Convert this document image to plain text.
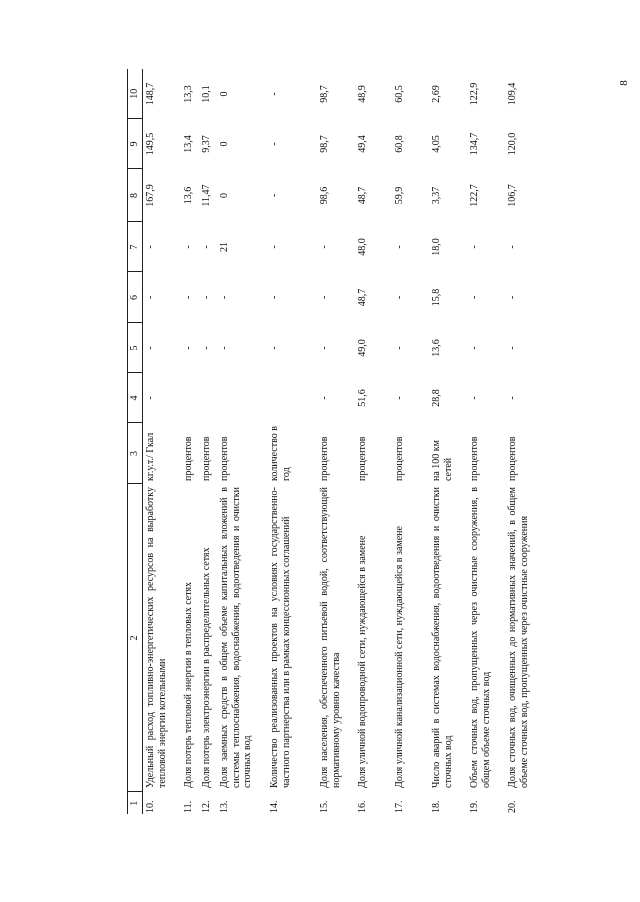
8
1	2	3	4	5	6	7	8	9	10
10.	Удельный расход топливно-энергетических ресурсов на выработку тепловой энергии котельными	кг.у.т./ Гкал	-	-	-	-	167,9	149,5	148,7
11.	Доля потерь тепловой энергии в тепловых сетях	процентов		-	-	-	13,6	13,4	13,3
12.	Доля потерь электроэнергии в распределительных сетях	процентов		-	-	-	11,47	9,37	10,1
13.	Доля заемных средств в общем объеме капитальных вложений в системы теплоснабжения, водоснабжения, водоотведения и очистки сточных вод	процентов		-	-	21	0	0	0
14.	Количество реализованных проектов на условиях государственно-частного партнерства или в рамках концессионных соглашений	количество в год		-	-	-	-	-	-
15.	Доля населения, обеспеченного питьевой водой, соответствующей нормативному уровню качества	процентов	-	-	-	-	98,6	98,7	98,7
16.	Доля уличной водопроводной сети, нуждающейся в замене	процентов	51,6	49,0	48,7	48,0	48,7	49,4	48,9
17.	Доля уличной канализационной сети, нуждающейся в замене	процентов	-	-	-	-	59,9	60,8	60,5
18.	Число аварий в системах водоснабжения, водоотведения и очистки сточных вод	на 100 км сетей	28,8	13,6	15,8	18,0	3,37	4,05	2,69
19.	Объем сточных вод, пропущенных через очистные сооружения, в общем объеме сточных вод	процентов	-	-	-	-	122,7	134,7	122,9
20.	Доля сточных вод, очищенных до нормативных значений, в общем объеме сточных вод, пропущенных через очистные сооружения	процентов	-	-	-	-	106,7	120,0	109,4
